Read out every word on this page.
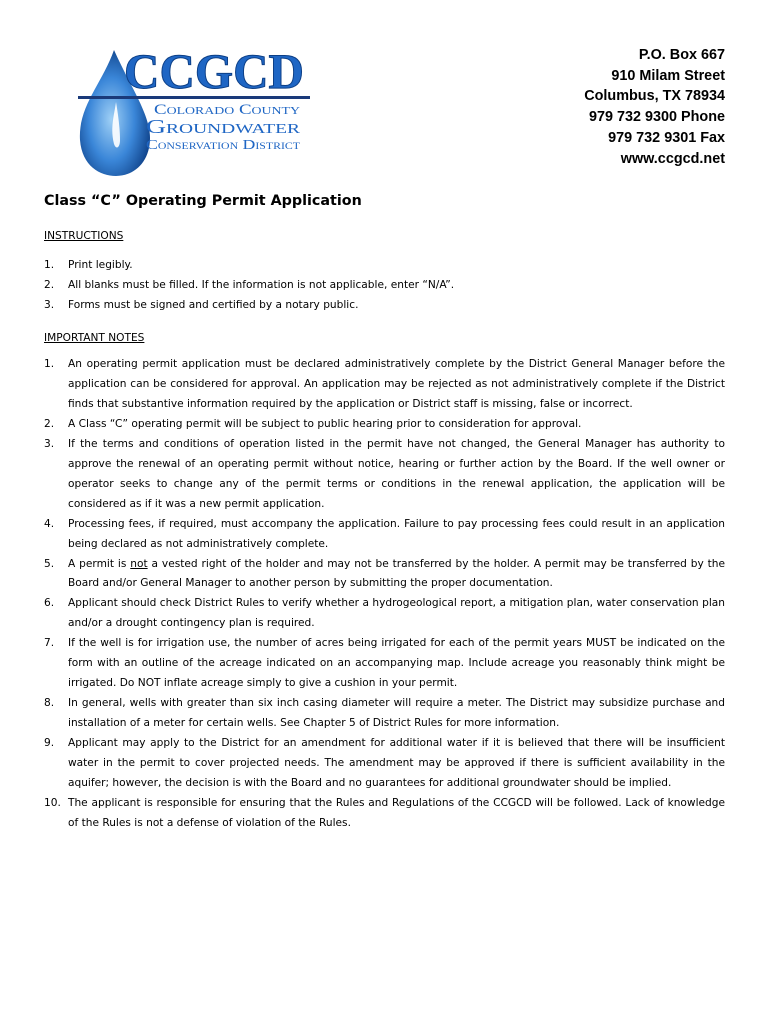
CCGCD
Colorado County
Groundwater
Conservation District
P.O. Box 667
910 Milam Street
Columbus, TX 78934
979 732 9300 Phone
979 732 9301 Fax
www.ccgcd.net
Class “C” Operating Permit Application
INSTRUCTIONS
1.	Print legibly.
2.	All blanks must be filled. If the information is not applicable, enter “N/A”.
3.	Forms must be signed and certified by a notary public.
IMPORTANT NOTES
1.	An operating permit application must be declared administratively complete by the District General Manager before the application can be considered for approval. An application may be rejected as not administratively complete if the District finds that substantive information required by the application or District staff is missing, false or incorrect.
2.	A Class “C” operating permit will be subject to public hearing prior to consideration for approval.
3.	If the terms and conditions of operation listed in the permit have not changed, the General Manager has authority to approve the renewal of an operating permit without notice, hearing or further action by the Board. If the well owner or operator seeks to change any of the permit terms or conditions in the renewal application, the application will be considered as if it was a new permit application.
4.	Processing fees, if required, must accompany the application. Failure to pay processing fees could result in an application being declared as not administratively complete.
5.	A permit is not a vested right of the holder and may not be transferred by the holder. A permit may be transferred by the Board and/or General Manager to another person by submitting the proper documentation.
6.	Applicant should check District Rules to verify whether a hydrogeological report, a mitigation plan, water conservation plan and/or a drought contingency plan is required.
7.	If the well is for irrigation use, the number of acres being irrigated for each of the permit years MUST be indicated on the form with an outline of the acreage indicated on an accompanying map. Include acreage you reasonably think might be irrigated. Do NOT inflate acreage simply to give a cushion in your permit.
8.	In general, wells with greater than six inch casing diameter will require a meter. The District may subsidize purchase and installation of a meter for certain wells. See Chapter 5 of District Rules for more information.
9.	Applicant may apply to the District for an amendment for additional water if it is believed that there will be insufficient water in the permit to cover projected needs. The amendment may be approved if there is sufficient availability in the aquifer; however, the decision is with the Board and no guarantees for additional groundwater should be implied.
10. The applicant is responsible for ensuring that the Rules and Regulations of the CCGCD will be followed. Lack of knowledge of the Rules is not a defense of violation of the Rules.
